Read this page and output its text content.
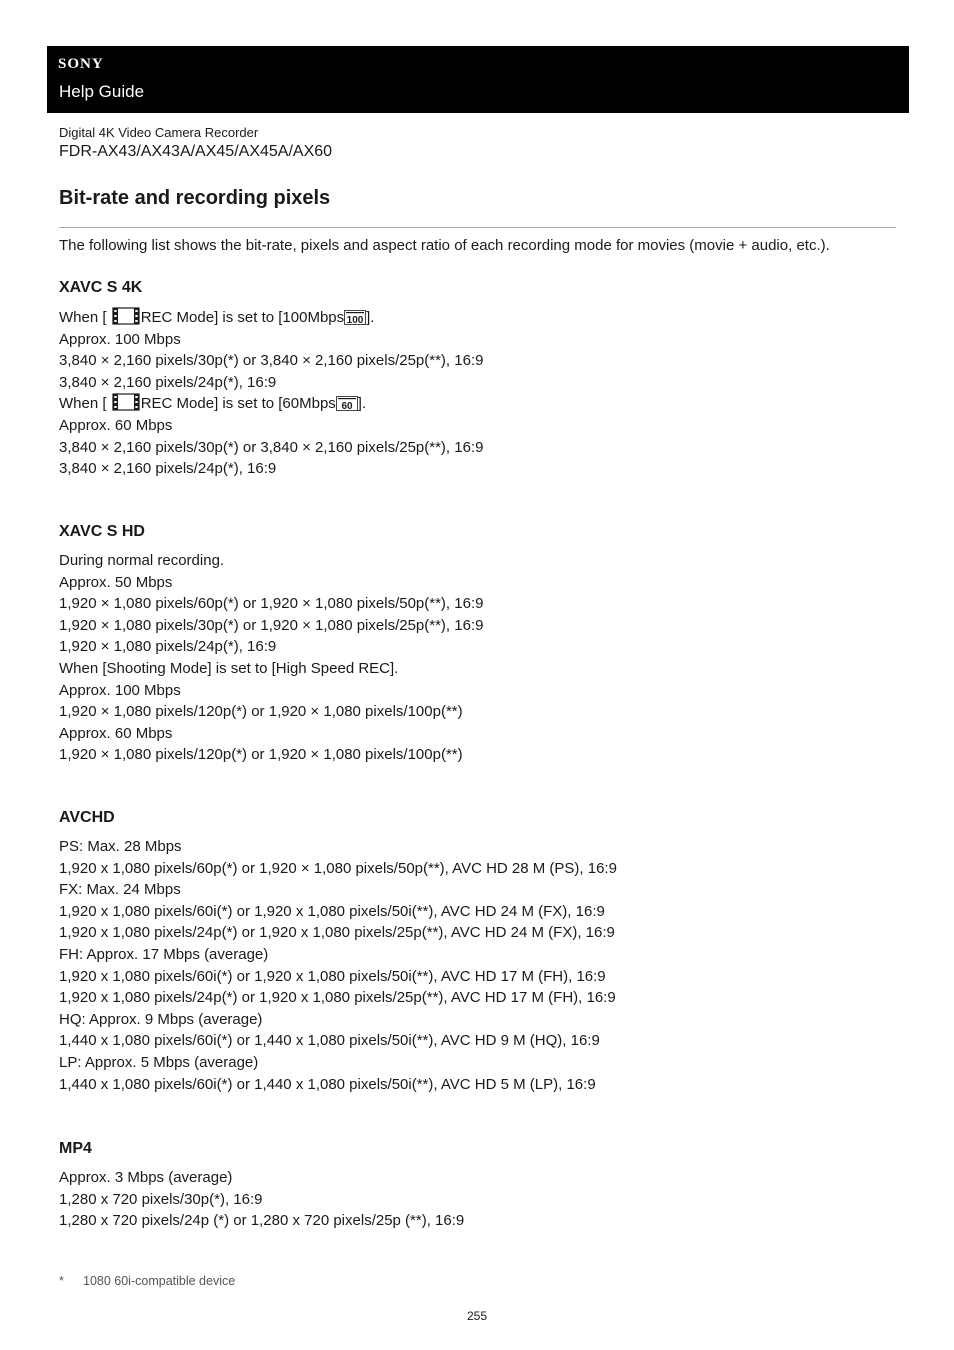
SONY
Help Guide
Digital 4K Video Camera Recorder
FDR-AX43/AX43A/AX45/AX45A/AX60
Bit-rate and recording pixels

The following list shows the bit-rate, pixels and aspect ratio of each recording mode for movies (movie + audio, etc.).

XAVC S 4K
When [ REC Mode] is set to [100Mbps 100 ].
Approx. 100 Mbps
3,840 × 2,160 pixels/30p(*) or 3,840 × 2,160 pixels/25p(**), 16:9
3,840 × 2,160 pixels/24p(*), 16:9
When [ REC Mode] is set to [60Mbps 60 ].
Approx. 60 Mbps
3,840 × 2,160 pixels/30p(*) or 3,840 × 2,160 pixels/25p(**), 16:9
3,840 × 2,160 pixels/24p(*), 16:9
XAVC S HD
During normal recording.
Approx. 50 Mbps
1,920 × 1,080 pixels/60p(*) or 1,920 × 1,080 pixels/50p(**), 16:9
1,920 × 1,080 pixels/30p(*) or 1,920 × 1,080 pixels/25p(**), 16:9
1,920 × 1,080 pixels/24p(*), 16:9
When [Shooting Mode] is set to [High Speed REC].
Approx. 100 Mbps
1,920 × 1,080 pixels/120p(*) or 1,920 × 1,080 pixels/100p(**)
Approx. 60 Mbps
1,920 × 1,080 pixels/120p(*) or 1,920 × 1,080 pixels/100p(**)
AVCHD
PS: Max. 28 Mbps
1,920 x 1,080 pixels/60p(*) or 1,920 × 1,080 pixels/50p(**), AVC HD 28 M (PS), 16:9
FX: Max. 24 Mbps
1,920 x 1,080 pixels/60i(*) or 1,920 x 1,080 pixels/50i(**), AVC HD 24 M (FX), 16:9
1,920 x 1,080 pixels/24p(*) or 1,920 x 1,080 pixels/25p(**), AVC HD 24 M (FX), 16:9
FH: Approx. 17 Mbps (average)
1,920 x 1,080 pixels/60i(*) or 1,920 x 1,080 pixels/50i(**), AVC HD 17 M (FH), 16:9
1,920 x 1,080 pixels/24p(*) or 1,920 x 1,080 pixels/25p(**), AVC HD 17 M (FH), 16:9
HQ: Approx. 9 Mbps (average)
1,440 x 1,080 pixels/60i(*) or 1,440 x 1,080 pixels/50i(**), AVC HD 9 M (HQ), 16:9
LP: Approx. 5 Mbps (average)
1,440 x 1,080 pixels/60i(*) or 1,440 x 1,080 pixels/50i(**), AVC HD 5 M (LP), 16:9
MP4
Approx. 3 Mbps (average)
1,280 x 720 pixels/30p(*), 16:9
1,280 x 720 pixels/24p (*) or 1,280 x 720 pixels/25p (**), 16:9
* 1080 60i-compatible device
255
